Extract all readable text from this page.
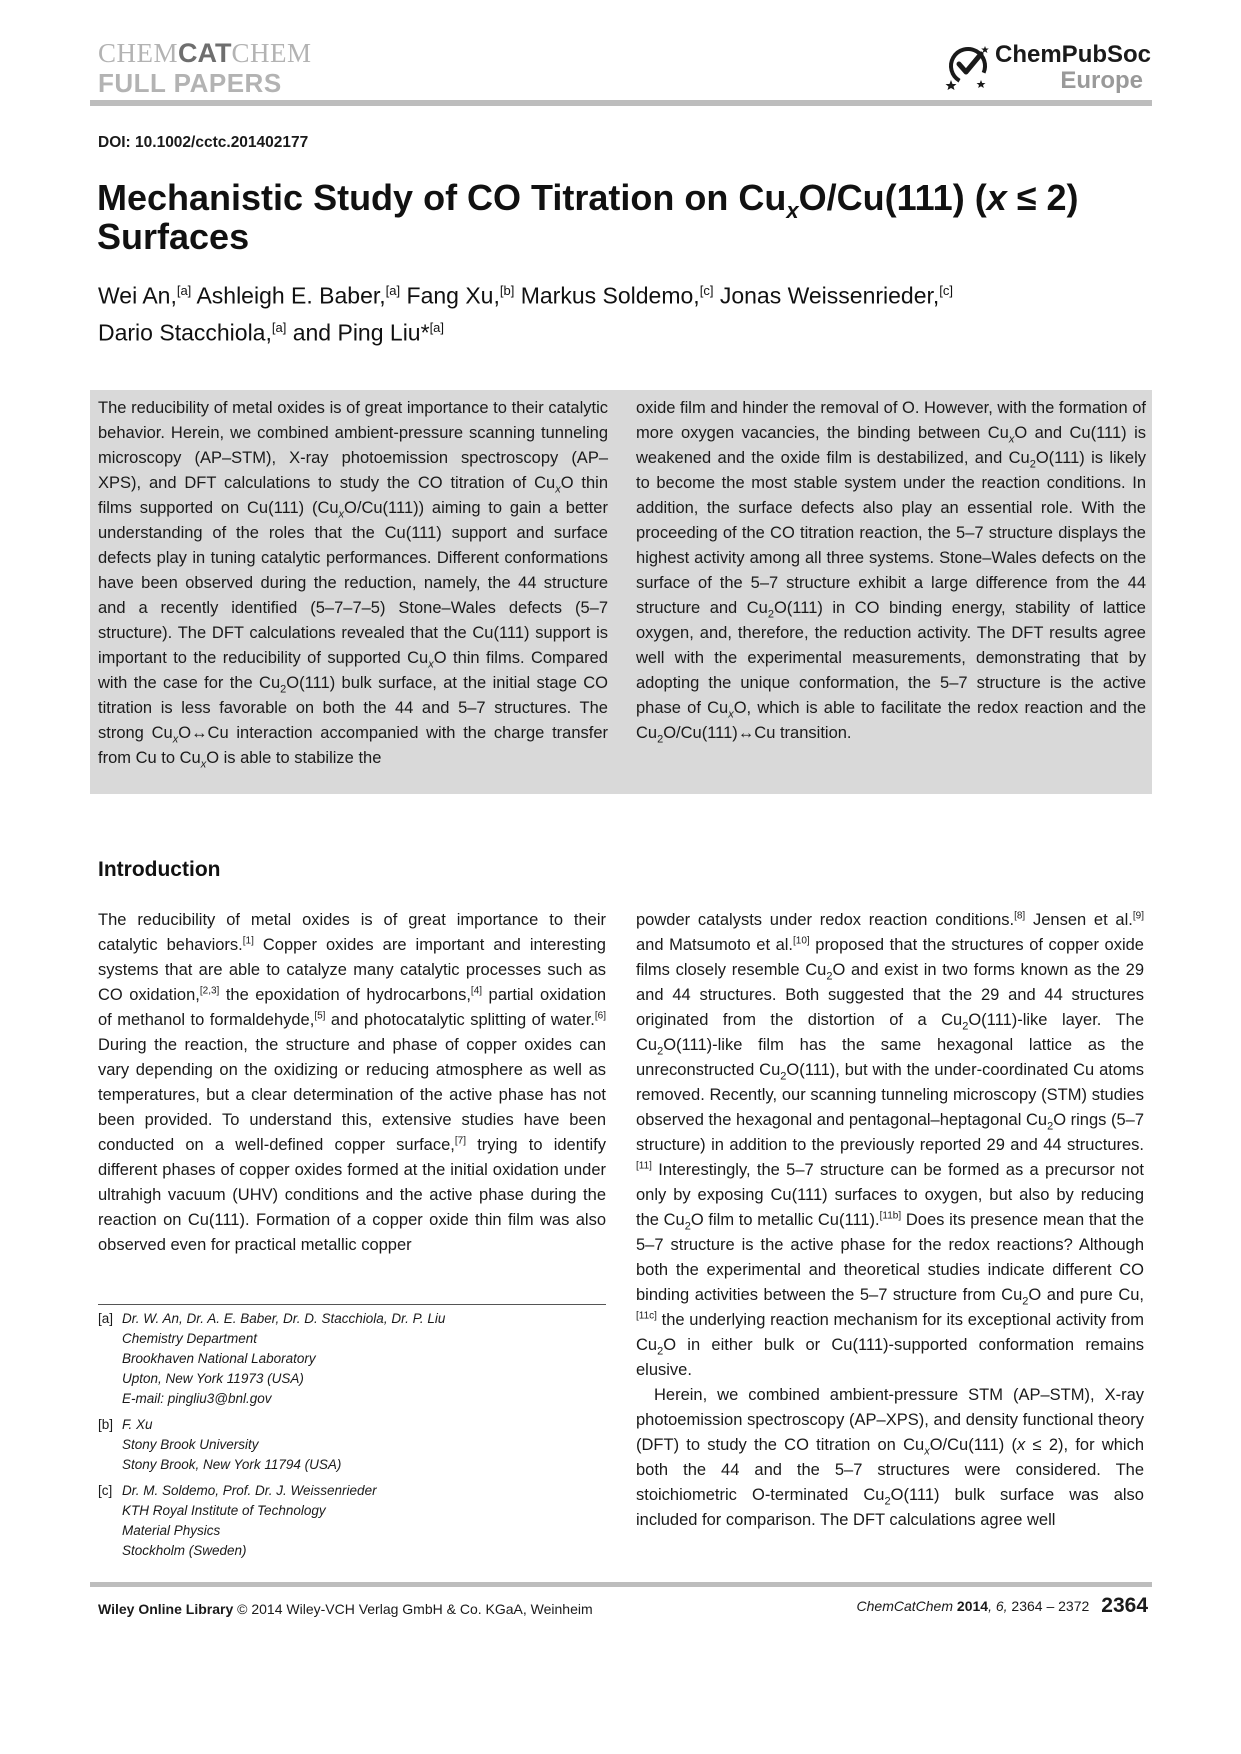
CHEMCATCHEM
FULL PAPERS
ChemPubSoc
Europe
DOI: 10.1002/cctc.201402177
Mechanistic Study of CO Titration on $Cu_xO/Cu(111) (x \le 2)$
Surfaces
Wei An,[a] Ashleigh E. Baber,[a] Fang Xu,[b] Markus Soldemo,[c] Jonas Weissenrieder,[c]
Dario Stacchiola,[a] and Ping Liu*[a]

The reducibility of metal oxides is of great importance to their catalytic behavior. Herein, we combined ambient-pressure scanning tunneling microscopy (AP–STM), X-ray photoemission spectroscopy (AP–XPS), and DFT calculations to study the CO titration of $Cu_xO$ thin films supported on Cu(111) $(Cu_xO/Cu(111))$ aiming to gain a better understanding of the roles that the Cu(111) support and surface defects play in tuning catalytic performances. Different conformations have been observed during the reduction, namely, the 44 structure and a recently identified (5–7–7–5) Stone–Wales defects (5–7 structure). The DFT calculations revealed that the Cu(111) support is important to the reducibility of supported $Cu_xO$ thin films. Compared with the case for the $Cu_2O(111)$ bulk surface, at the initial stage CO titration is less favorable on both the 44 and 5–7 structures. The strong $Cu_xO\leftrightarrow Cu$ interaction accompanied with the charge transfer from Cu to $Cu_xO$ is able to stabilize the

oxide film and hinder the removal of O. However, with the formation of more oxygen vacancies, the binding between $Cu_xO$ and Cu(111) is weakened and the oxide film is destabilized, and $Cu_2O(111)$ is likely to become the most stable system under the reaction conditions. In addition, the surface defects also play an essential role. With the proceeding of the CO titration reaction, the 5–7 structure displays the highest activity among all three systems. Stone–Wales defects on the surface of the 5–7 structure exhibit a large difference from the 44 structure and $Cu_2O(111)$ in CO binding energy, stability of lattice oxygen, and, therefore, the reduction activity. The DFT results agree well with the experimental measurements, demonstrating that by adopting the unique conformation, the 5–7 structure is the active phase of $Cu_xO$, which is able to facilitate the redox reaction and the $Cu_2O/Cu(111)\leftrightarrow Cu$ transition.

Introduction

The reducibility of metal oxides is of great importance to their catalytic behaviors.[1] Copper oxides are important and interesting systems that are able to catalyze many catalytic processes such as CO oxidation,[2,3] the epoxidation of hydrocarbons,[4] partial oxidation of methanol to formaldehyde,[5] and photocatalytic splitting of water.[6] During the reaction, the structure and phase of copper oxides can vary depending on the oxidizing or reducing atmosphere as well as temperatures, but a clear determination of the active phase has not been provided. To understand this, extensive studies have been conducted on a well-defined copper surface,[7] trying to identify different phases of copper oxides formed at the initial oxidation under ultrahigh vacuum (UHV) conditions and the active phase during the reaction on Cu(111). Formation of a copper oxide thin film was also observed even for practical metallic copper

[a] Dr. W. An, Dr. A. E. Baber, Dr. D. Stacchiola, Dr. P. Liu
Chemistry Department
Brookhaven National Laboratory
Upton, New York 11973 (USA)
E-mail: pingliu3@bnl.gov
[b] F. Xu
Stony Brook University
Stony Brook, New York 11794 (USA)
[c] Dr. M. Soldemo, Prof. Dr. J. Weissenrieder
KTH Royal Institute of Technology
Material Physics
Stockholm (Sweden)

powder catalysts under redox reaction conditions.[8] Jensen et al.[9] and Matsumoto et al.[10] proposed that the structures of copper oxide films closely resemble $Cu_2O$ and exist in two forms known as the 29 and 44 structures. Both suggested that the 29 and 44 structures originated from the distortion of a $Cu_2O(111)$-like layer. The $Cu_2O(111)$-like film has the same hexagonal lattice as the unreconstructed $Cu_2O(111)$, but with the under-coordinated Cu atoms removed. Recently, our scanning tunneling microscopy (STM) studies observed the hexagonal and pentagonal–heptagonal $Cu_2O$ rings (5–7 structure) in addition to the previously reported 29 and 44 structures.[11] Interestingly, the 5–7 structure can be formed as a precursor not only by exposing Cu(111) surfaces to oxygen, but also by reducing the $Cu_2O$ film to metallic Cu(111).[11b] Does its presence mean that the 5–7 structure is the active phase for the redox reactions? Although both the experimental and theoretical studies indicate different CO binding activities between the 5–7 structure from $Cu_2O$ and pure Cu,[11c] the underlying reaction mechanism for its exceptional activity from $Cu_2O$ in either bulk or Cu(111)-supported conformation remains elusive.

Herein, we combined ambient-pressure STM (AP–STM), X-ray photoemission spectroscopy (AP–XPS), and density functional theory (DFT) to study the CO titration on $Cu_xO/Cu(111) (x \le 2)$, for which both the 44 and the 5–7 structures were considered. The stoichiometric O-terminated $Cu_2O(111)$ bulk surface was also included for comparison. The DFT calculations agree well

Wiley Online Library © 2014 Wiley-VCH Verlag GmbH & Co. KGaA, Weinheim	ChemCatChem 2014, 6, 2364 – 2372 2364
